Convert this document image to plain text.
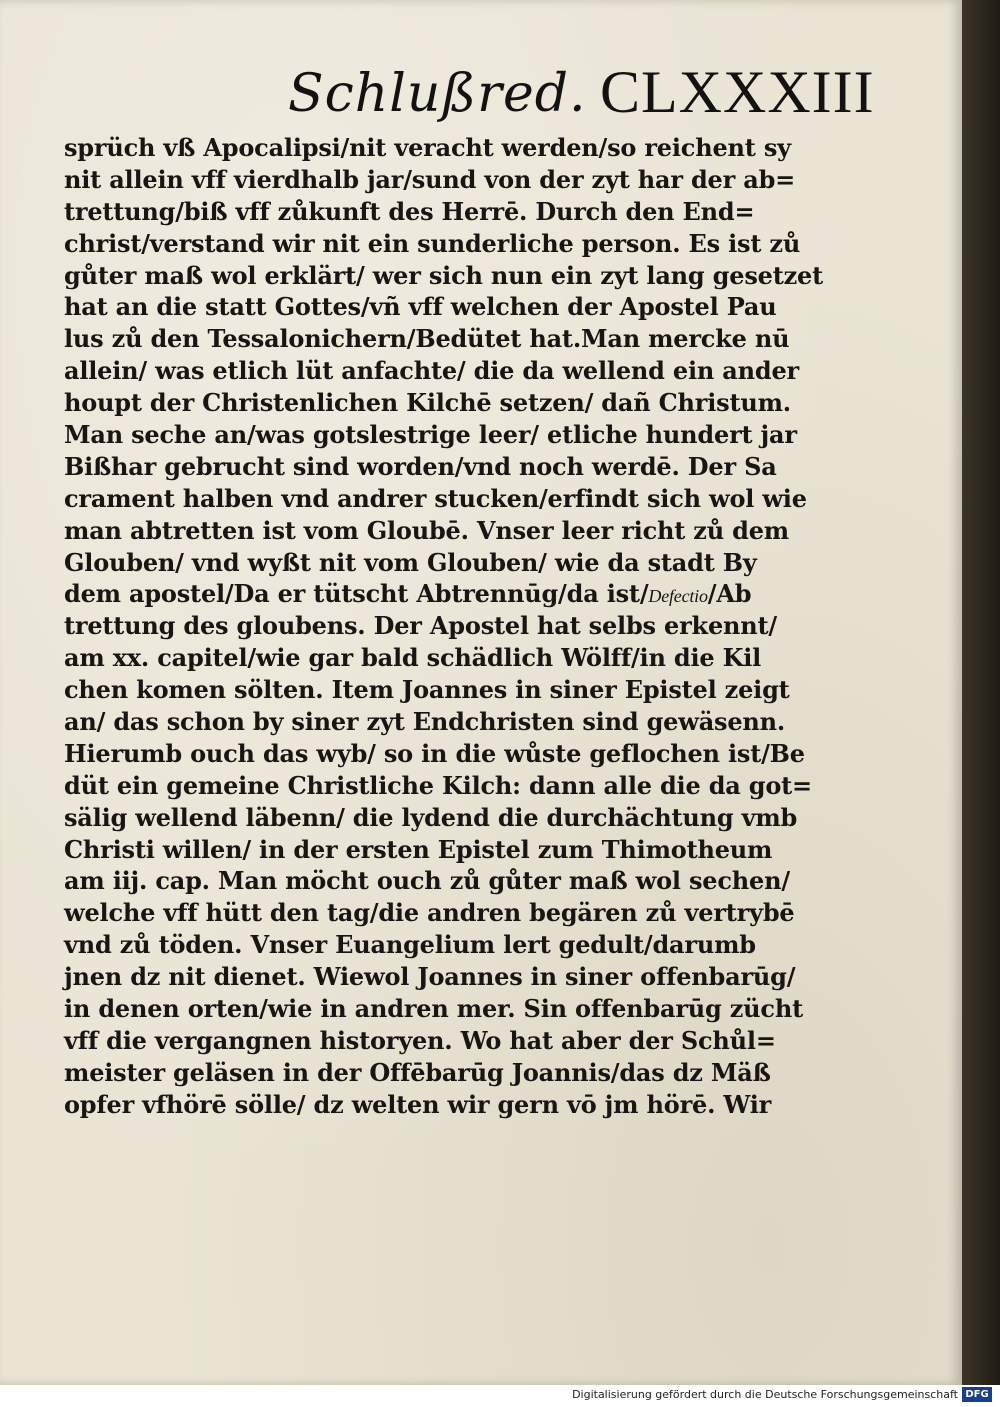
Schlußred. CLXXXIII
sprüch vß Apocalipsi/nit veracht werden/so reichent sy
nit allein vff vierdhalb jar/sund von der zyt har der ab=
trettung/biß vff zůkunft des Herrē. Durch den End=
christ/verstand wir nit ein sunderliche person. Es ist zů
gůter maß wol erklärt/ wer sich nun ein zyt lang gesetzet
hat an die statt Gottes/vñ vff welchen der Apostel Pau
lus zů den Tessalonichern/Bedütet hat.Man mercke nū
allein/ was etlich lüt anfachte/ die da wellend ein ander
houpt der Christenlichen Kilchē setzen/ dañ Christum.
Man seche an/was gotslestrige leer/ etliche hundert jar
Bißhar gebrucht sind worden/vnd noch werdē. Der Sa
crament halben vnd andrer stucken/erfindt sich wol wie
man abtretten ist vom Gloubē. Vnser leer richt zů dem
Glouben/ vnd wyßt nit vom Glouben/ wie da stadt By
dem apostel/Da er tütscht Abtrennūg/da ist/Defectio/Ab
trettung des gloubens. Der Apostel hat selbs erkennt/
am xx. capitel/wie gar bald schädlich Wölff/in die Kil
chen komen sölten. Item Joannes in siner Epistel zeigt
an/ das schon by siner zyt Endchristen sind gewäsenn.
Hierumb ouch das wyb/ so in die wůste geflochen ist/Be
düt ein gemeine Christliche Kilch: dann alle die da got=
sälig wellend läbenn/ die lydend die durchächtung vmb
Christi willen/ in der ersten Epistel zum Thimotheum
am iij. cap. Man möcht ouch zů gůter maß wol sechen/
welche vff hütt den tag/die andren begären zů vertrybē
vnd zů töden. Vnser Euangelium lert gedult/darumb
jnen dz nit dienet. Wiewol Joannes in siner offenbarūg/
in denen orten/wie in andren mer. Sin offenbarūg zücht
vff die vergangnen historyen. Wo hat aber der Schůl=
meister geläsen in der Offēbarūg Joannis/das dz Mäß
opfer vfhörē sölle/ dz welten wir gern vō jm hörē. Wir
Digitalisierung gefördert durch die Deutsche Forschungsgemeinschaft DFG
